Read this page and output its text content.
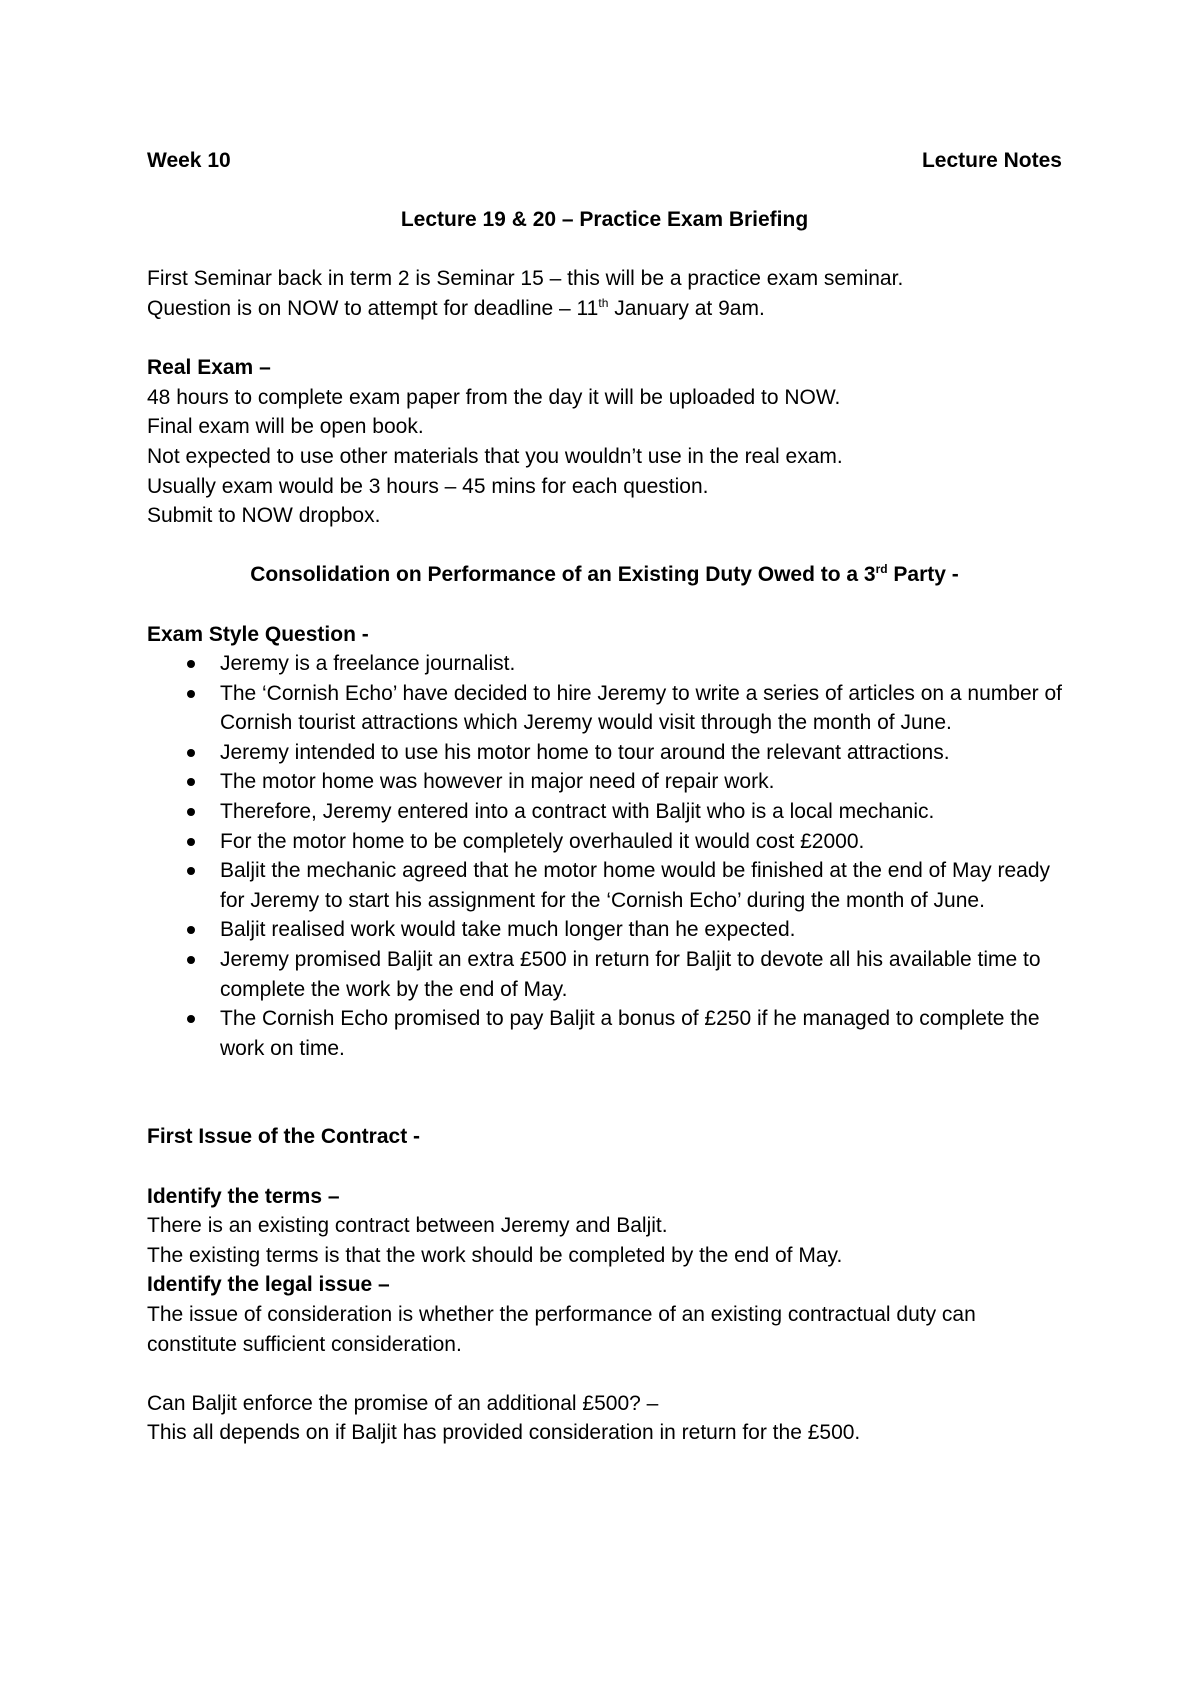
Week 10	Lecture Notes
Lecture 19 & 20 – Practice Exam Briefing

First Seminar back in term 2 is Seminar 15 – this will be a practice exam seminar.

Question is on NOW to attempt for deadline – 11th January at 9am.

Real Exam –

48 hours to complete exam paper from the day it will be uploaded to NOW.

Final exam will be open book.

Not expected to use other materials that you wouldn’t use in the real exam.

Usually exam would be 3 hours – 45 mins for each question.

Submit to NOW dropbox.

Consolidation on Performance of an Existing Duty Owed to a 3rd Party -

Exam Style Question -

Jeremy is a freelance journalist.
The ‘Cornish Echo’ have decided to hire Jeremy to write a series of articles on a number of Cornish tourist attractions which Jeremy would visit through the month of June.
Jeremy intended to use his motor home to tour around the relevant attractions.
The motor home was however in major need of repair work.
Therefore, Jeremy entered into a contract with Baljit who is a local mechanic.
For the motor home to be completely overhauled it would cost £2000.
Baljit the mechanic agreed that he motor home would be finished at the end of May ready for Jeremy to start his assignment for the ‘Cornish Echo’ during the month of June.
Baljit realised work would take much longer than he expected.
Jeremy promised Baljit an extra £500 in return for Baljit to devote all his available time to complete the work by the end of May.
The Cornish Echo promised to pay Baljit a bonus of £250 if he managed to complete the work on time.

First Issue of the Contract -

Identify the terms –

There is an existing contract between Jeremy and Baljit.

The existing terms is that the work should be completed by the end of May.

Identify the legal issue –

The issue of consideration is whether the performance of an existing contractual duty can constitute sufficient consideration.

Can Baljit enforce the promise of an additional £500? –

This all depends on if Baljit has provided consideration in return for the £500.
